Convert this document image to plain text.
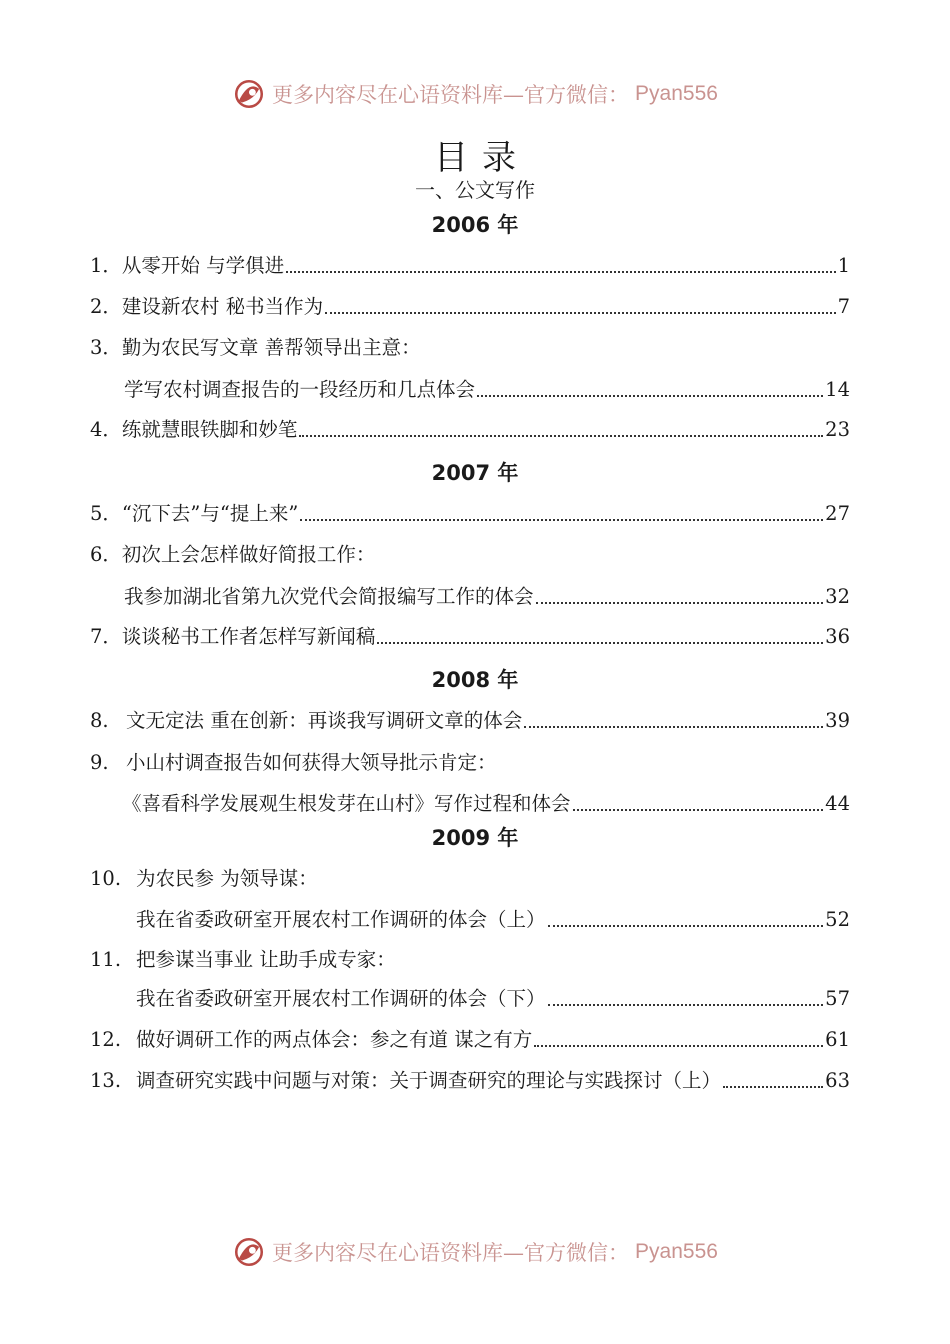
更多内容尽在心语资料库—官方微信： Pyan556
目录
一、公文写作
2006 年
2007 年
2008 年
2009 年
1． 从零开始 与学俱进	1
2． 建设新农村 秘书当作为	7
3． 勤为农民写文章 善帮领导出主意：
学写农村调查报告的一段经历和几点体会	14
4． 练就慧眼铁脚和妙笔	23
5． “沉下去”与“提上来”	27
6． 初次上会怎样做好简报工作：
我参加湖北省第九次党代会简报编写工作的体会	32
7． 谈谈秘书工作者怎样写新闻稿	36
8. 文无定法 重在创新：再谈我写调研文章的体会	39
9. 小山村调查报告如何获得大领导批示肯定：
《喜看科学发展观生根发芽在山村》写作过程和体会	44
10. 为农民参 为领导谋：
我在省委政研室开展农村工作调研的体会（上）	52
11. 把参谋当事业 让助手成专家：
我在省委政研室开展农村工作调研的体会（下）	57
12. 做好调研工作的两点体会：参之有道 谋之有方	61
13. 调查研究实践中问题与对策：关于调查研究的理论与实践探讨（上）	63
更多内容尽在心语资料库—官方微信： Pyan556
